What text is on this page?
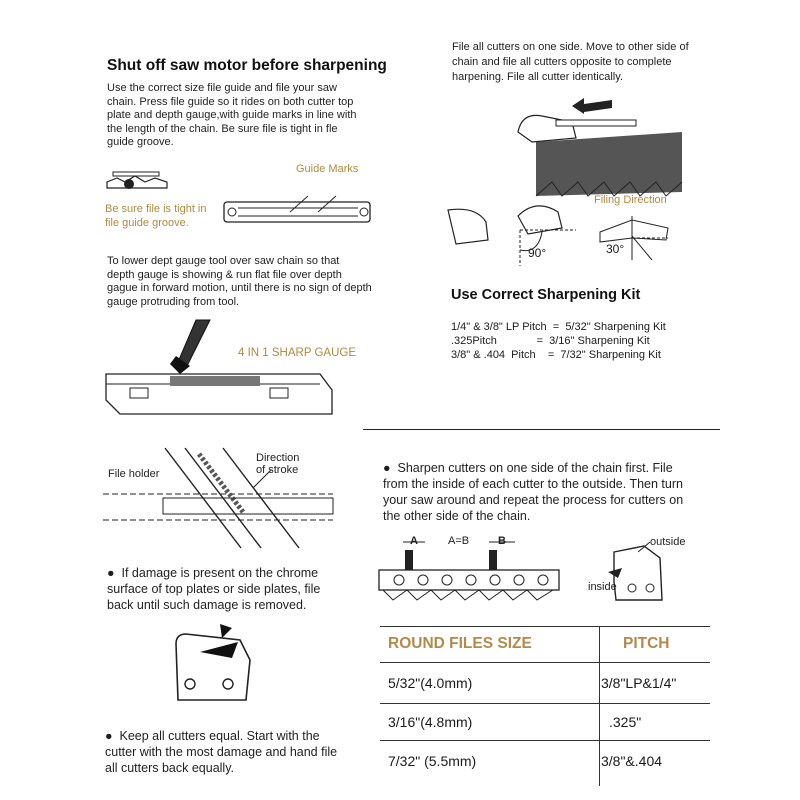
Shut off saw motor before sharpening
Use the correct size file guide and file your saw
chain. Press file guide so it rides on both cutter top
plate and depth gauge,with guide marks in line with
the length of the chain. Be sure file is tight in fle
guide groove.
Guide Marks
Be sure file is tight in
file guide groove.
To lower dept gauge tool over saw chain so that
depth gauge is showing & run flat file over depth
gague in forward motion, until there is no sign of depth
gauge protruding from tool.
4 IN 1 SHARP GAUGE
File holder
Direction
of stroke
●  If damage is present on the chrome
surface of top plates or side plates, file
back until such damage is removed.
●  Keep all cutters equal. Start with the
cutter with the most damage and hand file
all cutters back equally.
File all cutters on one side. Move to other side of
chain and file all cutters opposite to complete
harpening. File all cutter identically.
Filing Direction
90°	30°
Use Correct Sharpening Kit
1/4" & 3/8" LP Pitch  =  5/32" Sharpening Kit
.325Pitch             =  3/16" Sharpening Kit
3/8" & .404  Pitch    =  7/32" Sharpening Kit
●  Sharpen cutters on one side of the chain first. File
from the inside of each cutter to the outside. Then turn
your saw around and repeat the process for cutters on
the other side of the chain.
A	A=B	B	outside
inside
ROUND FILES SIZE	PITCH
5/32"(4.0mm)	3/8"LP&1/4"
3/16"(4.8mm)	.325"
7/32" (5.5mm)	3/8"&.404
